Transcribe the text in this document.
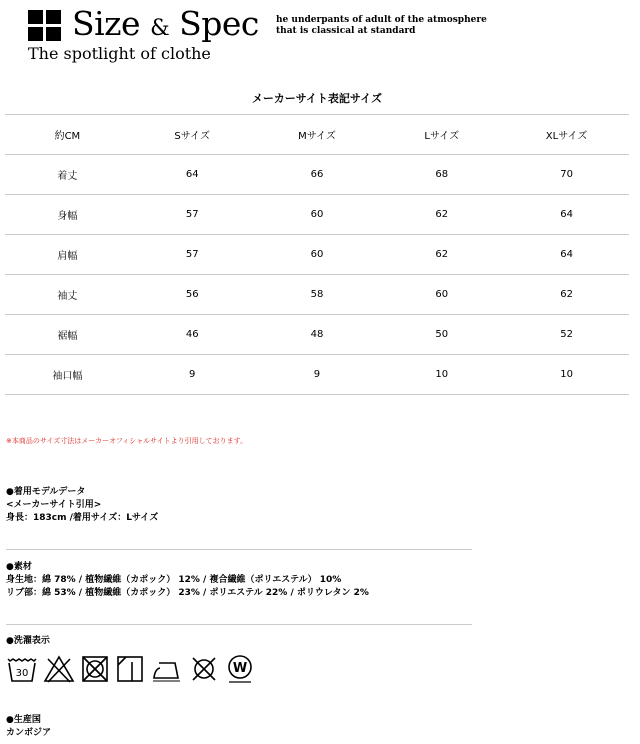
Size & Spec
The spotlight of clothe
he underpants of adult of the atmosphere
that is classical at standard
メーカーサイト表記サイズ
約CM	Sサイズ	Mサイズ	Lサイズ	XLサイズ
着丈	64	66	68	70
身幅	57	60	62	64
肩幅	57	60	62	64
袖丈	56	58	60	62
裾幅	46	48	50	52
袖口幅	9	9	10	10
※本商品のサイズ寸法はメーカーオフィシャルサイトより引用しております。
●着用モデルデータ
<メーカーサイト引用>
身長：183cm /着用サイズ：Lサイズ
●素材
身生地：綿 78% / 植物繊維（カポック） 12% / 複合繊維（ポリエステル） 10%
リブ部：綿 53% / 植物繊維（カポック） 23% / ポリエステル 22% / ポリウレタン 2%
●洗濯表示
30	W
●生産国
カンボジア
